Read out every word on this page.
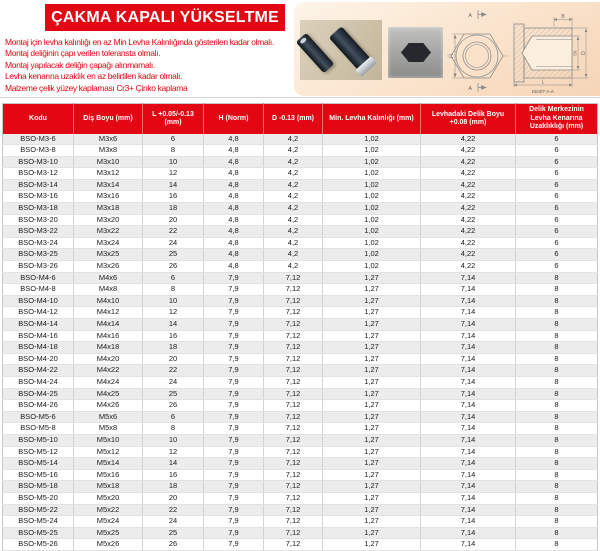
ÇAKMA KAPALI YÜKSELTME
Montaj için levha kalınlığı en az Min Levha Kalınlığında gösterilen kadar olmalı.
Montaj deliğinin çapı verilen toleransta olmalı.
Montaj yapılacak deliğin çapağı alınmamalı.
Levha kenarına uzaklık en az belirtilen kadar olmalı.
Malzeme çelik yüzey kaplaması Cr3+ Çinko kaplama
A
H
A
B
Dk D
L
KESİT A-A
Kodu	Diş Boyu (mm)	L +0.05/-0.13 (mm)	H (Norm)	D -0.13 (mm)	Min. Levha Kalınlığı (mm)	Levhadaki Delik Boyu +0.08 (mm)	Delik Merkezinin Levha Kenarına Uzaklıklığı (mm)
BSO-M3-6	M3x6	6	4,8	4,2	1,02	4,22	6
BSO-M3-8	M3x8	8	4,8	4,2	1,02	4,22	6
BSO-M3-10	M3x10	10	4,8	4,2	1,02	4,22	6
BSO-M3-12	M3x12	12	4,8	4,2	1,02	4,22	6
BSO-M3-14	M3x14	14	4,8	4,2	1,02	4,22	6
BSO-M3-16	M3x16	16	4,8	4,2	1,02	4,22	6
BSO-M3-18	M3x18	18	4,8	4,2	1,02	4,22	6
BSO-M3-20	M3x20	20	4,8	4,2	1,02	4,22	6
BSO-M3-22	M3x22	22	4,8	4,2	1,02	4,22	6
BSO-M3-24	M3x24	24	4,8	4,2	1,02	4,22	6
BSO-M3-25	M3x25	25	4,8	4,2	1,02	4,22	6
BSO-M3-26	M3x26	26	4,8	4,2	1,02	4,22	6
BSO-M4-6	M4x6	6	7,9	7,12	1,27	7,14	8
BSO-M4-8	M4x8	8	7,9	7,12	1,27	7,14	8
BSO-M4-10	M4x10	10	7,9	7,12	1,27	7,14	8
BSO-M4-12	M4x12	12	7,9	7,12	1,27	7,14	8
BSO-M4-14	M4x14	14	7,9	7,12	1,27	7,14	8
BSO-M4-16	M4x16	16	7,9	7,12	1,27	7,14	8
BSO-M4-18	M4x18	18	7,9	7,12	1,27	7,14	8
BSO-M4-20	M4x20	20	7,9	7,12	1,27	7,14	8
BSO-M4-22	M4x22	22	7,9	7,12	1,27	7,14	8
BSO-M4-24	M4x24	24	7,9	7,12	1,27	7,14	8
BSO-M4-25	M4x25	25	7,9	7,12	1,27	7,14	8
BSO-M4-26	M4x26	26	7,9	7,12	1,27	7,14	8
BSO-M5-6	M5x6	6	7,9	7,12	1,27	7,14	8
BSO-M5-8	M5x8	8	7,9	7,12	1,27	7,14	8
BSO-M5-10	M5x10	10	7,9	7,12	1,27	7,14	8
BSO-M5-12	M5x12	12	7,9	7,12	1,27	7,14	8
BSO-M5-14	M5x14	14	7,9	7,12	1,27	7,14	8
BSO-M5-16	M5x16	16	7,9	7,12	1,27	7,14	8
BSO-M5-18	M5x18	18	7,9	7,12	1,27	7,14	8
BSO-M5-20	M5x20	20	7,9	7,12	1,27	7,14	8
BSO-M5-22	M5x22	22	7,9	7,12	1,27	7,14	8
BSO-M5-24	M5x24	24	7,9	7,12	1,27	7,14	8
BSO-M5-25	M5x25	25	7,9	7,12	1,27	7,14	8
BSO-M5-26	M5x26	26	7,9	7,12	1,27	7,14	8
